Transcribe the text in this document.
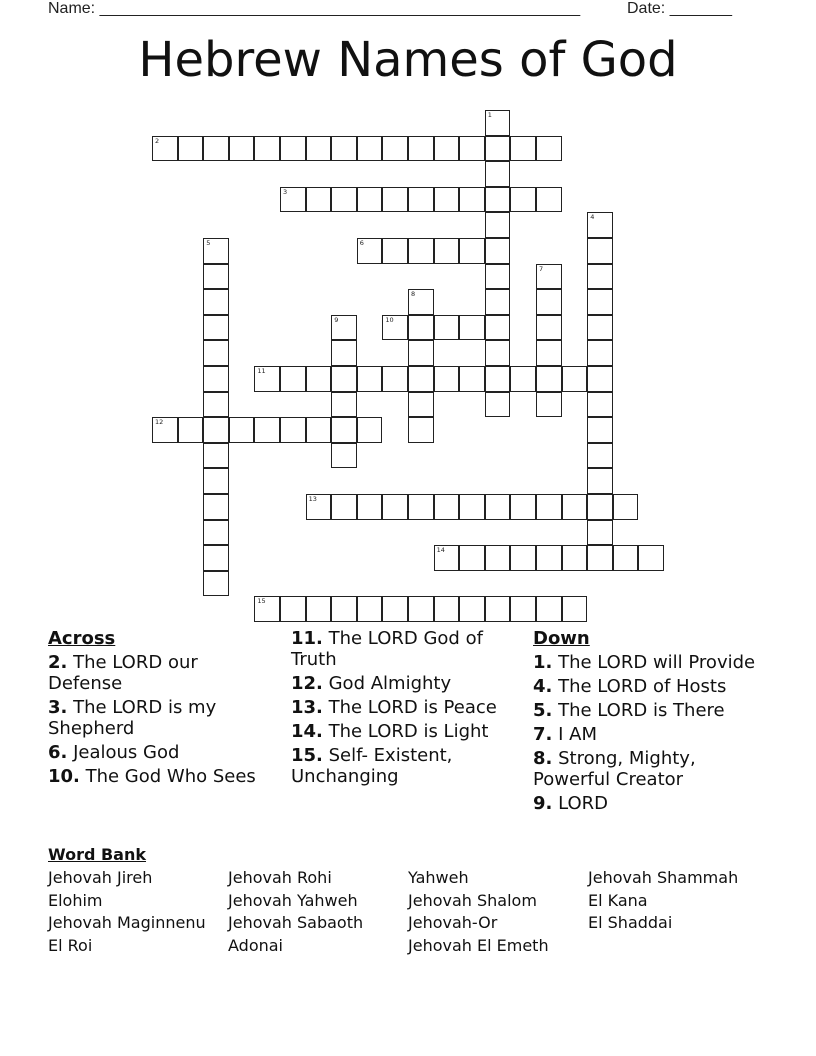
Name: ______________________________________________________	Date: _______
Hebrew Names of God
1
2
3
4
5	6
7
8
9	10
11
12
13
14
15
Across
2. The LORD our Defense
3. The LORD is my Shepherd
6. Jealous God
10. The God Who Sees
11. The LORD God of Truth
12. God Almighty
13. The LORD is Peace
14. The LORD is Light
15. Self- Existent, Unchanging
Down
1. The LORD will Provide
4. The LORD of Hosts
5. The LORD is There
7. I AM
8. Strong, Mighty, Powerful Creator
9. LORD
Word Bank
Jehovah Jireh
Elohim
Jehovah Maginnenu
El Roi
Jehovah Rohi
Jehovah Yahweh
Jehovah Sabaoth
Adonai
Yahweh
Jehovah Shalom
Jehovah-Or
Jehovah El Emeth
Jehovah Shammah
El Kana
El Shaddai
